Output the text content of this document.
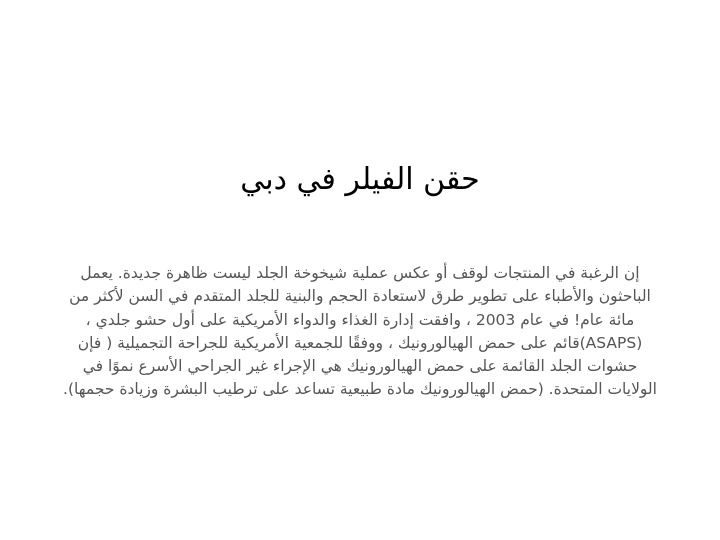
حقن الفيلر في دبي

إن الرغبة في المنتجات لوقف أو عكس عملية شيخوخة الجلد ليست ظاهرة جديدة. يعمل الباحثون والأطباء على تطوير طرق لاستعادة الحجم والبنية للجلد المتقدم في السن لأكثر من مائة عام! في عام 2003 ، وافقت إدارة الغذاء والدواء الأمريكية على أول حشو جلدي ، (ASAPS)قائم على حمض الهيالورونيك ، ووفقًا للجمعية الأمريكية للجراحة التجميلية ( فإن حشوات الجلد القائمة على حمض الهيالورونيك هي الإجراء غير الجراحي الأسرع نموًا في الولايات المتحدة. (حمض الهيالورونيك مادة طبيعية تساعد على ترطيب البشرة وزيادة حجمها).
